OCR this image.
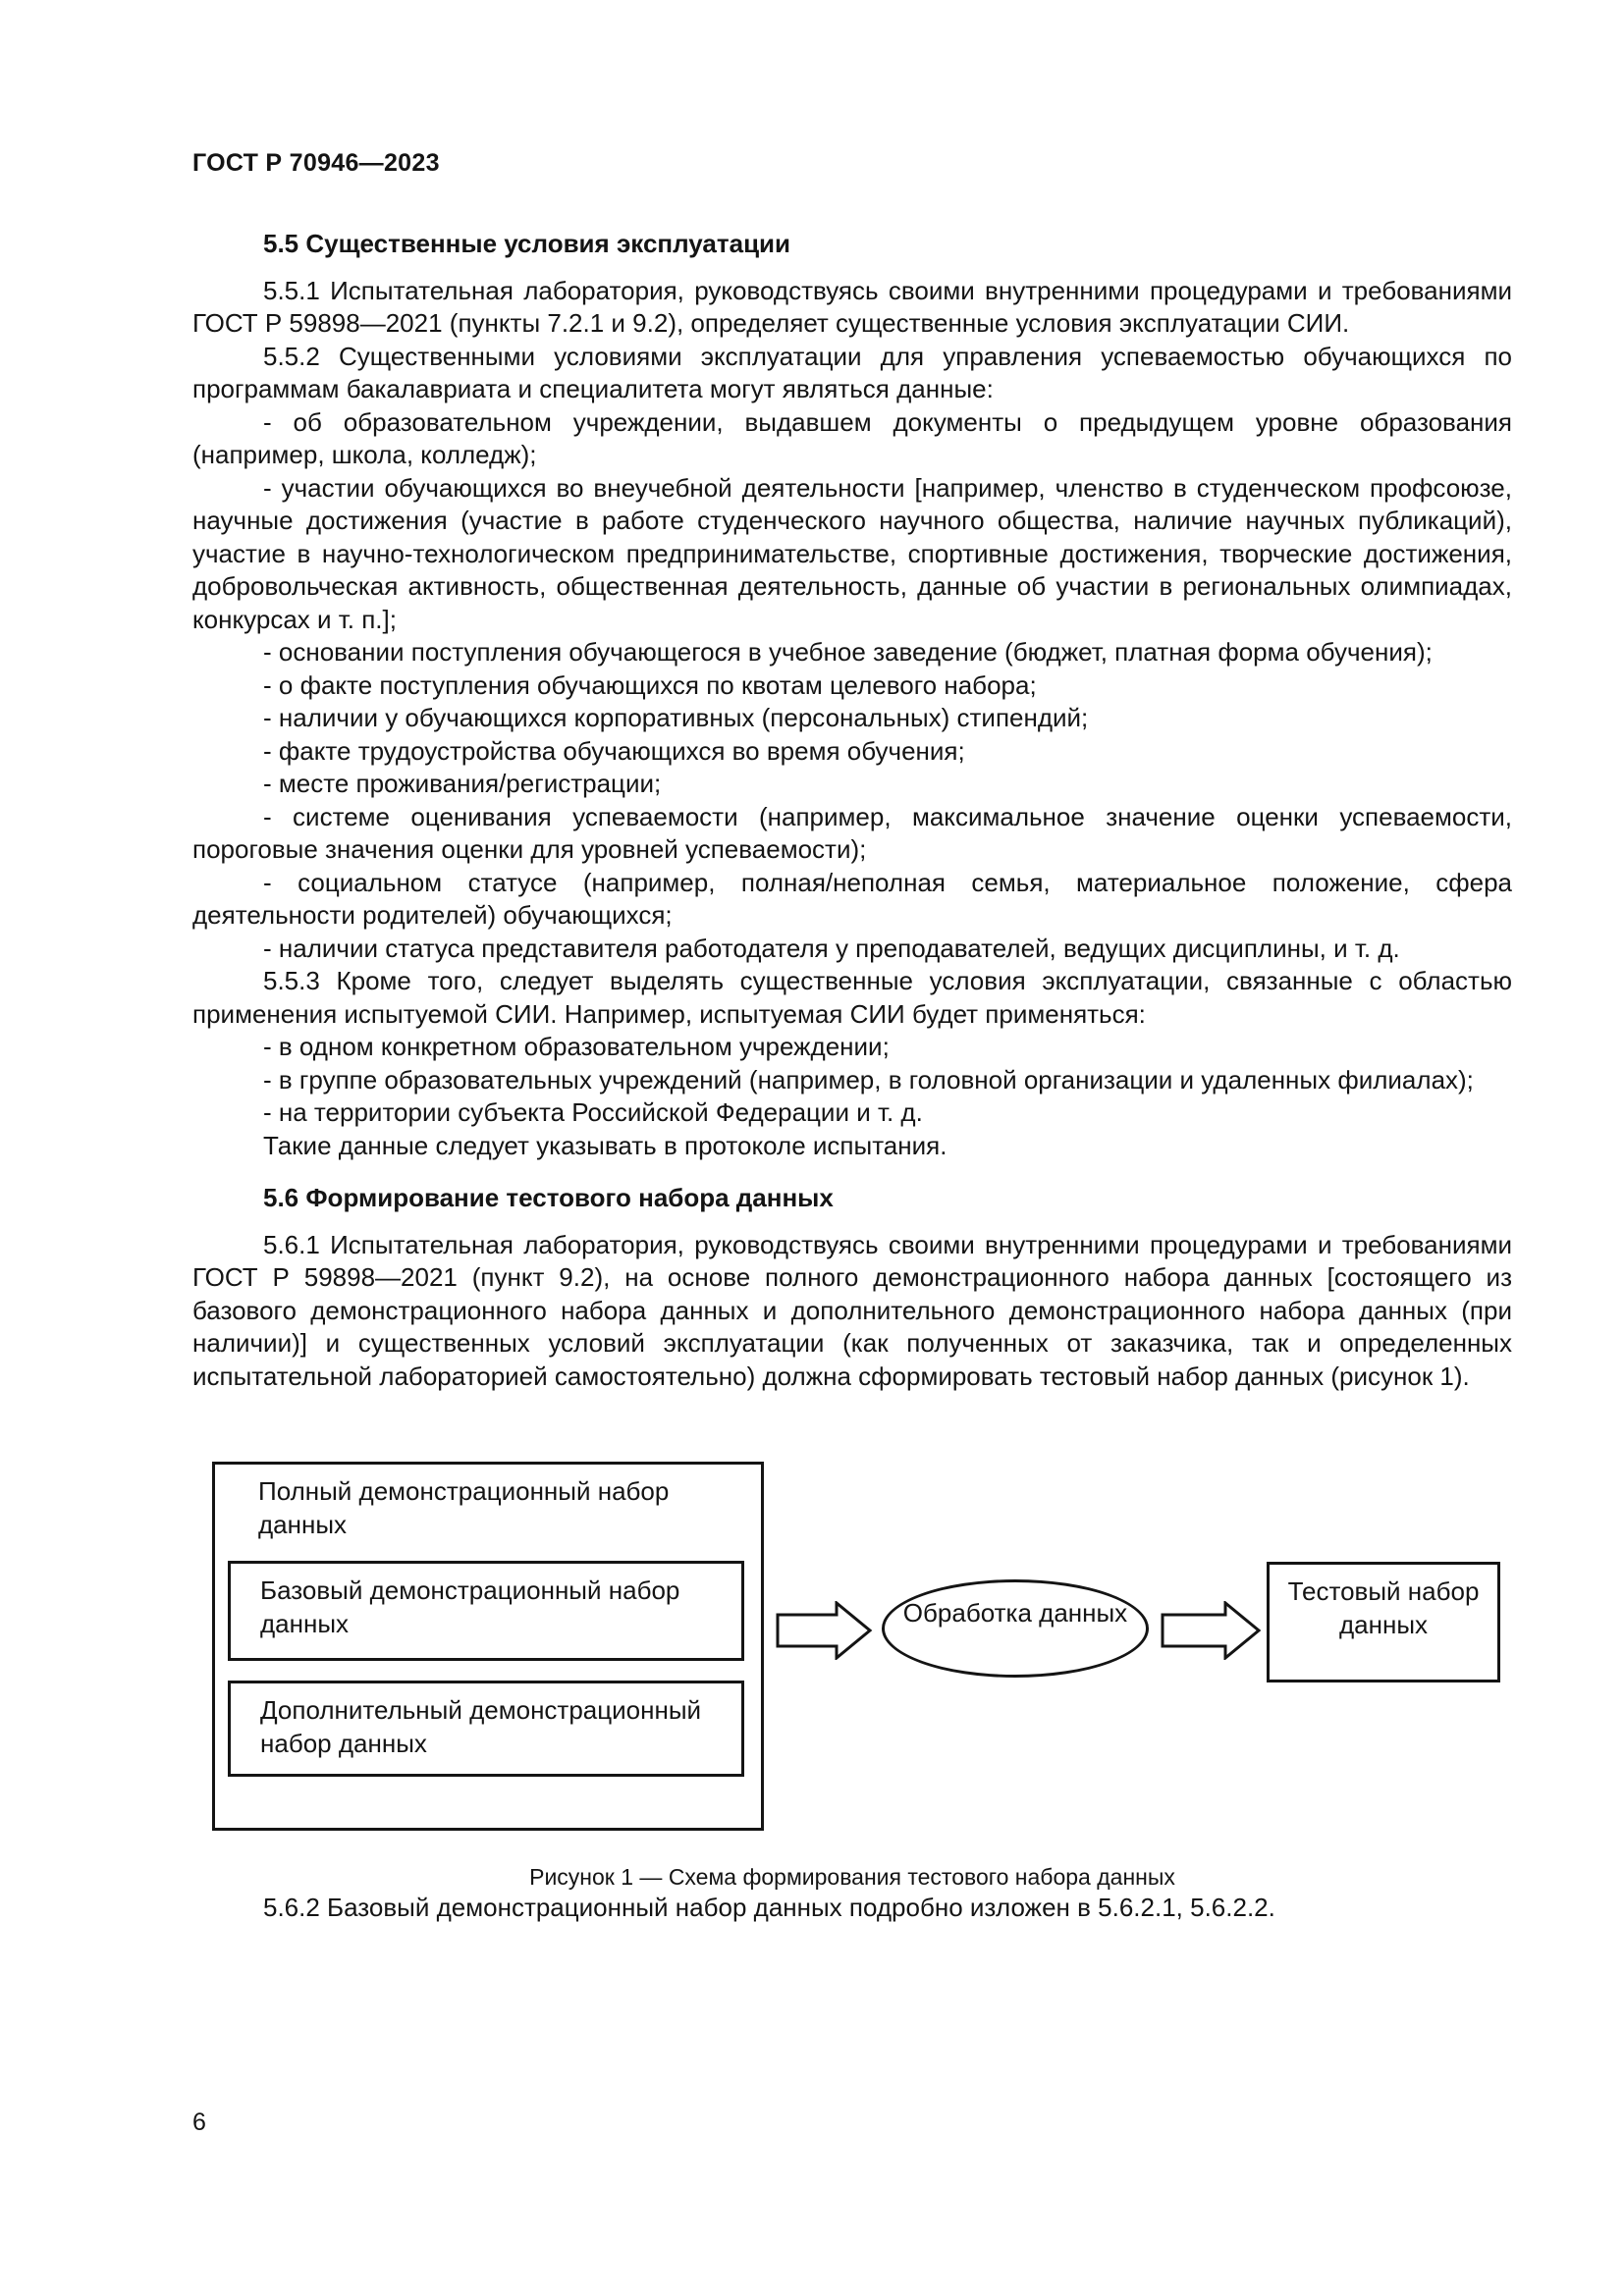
ГОСТ Р 70946—2023
5.5 Существенные условия эксплуатации

5.5.1 Испытательная лаборатория, руководствуясь своими внутренними процедурами и требованиями ГОСТ Р 59898—2021 (пункты 7.2.1 и 9.2), определяет существенные условия эксплуатации СИИ.

5.5.2 Существенными условиями эксплуатации для управления успеваемостью обучающихся по программам бакалавриата и специалитета могут являться данные:

- об образовательном учреждении, выдавшем документы о предыдущем уровне образования (например, школа, колледж);

- участии обучающихся во внеучебной деятельности [например, членство в студенческом профсоюзе, научные достижения (участие в работе студенческого научного общества, наличие научных публикаций), участие в научно-технологическом предпринимательстве, спортивные достижения, творческие достижения, добровольческая активность, общественная деятельность, данные об участии в региональных олимпиадах, конкурсах и т. п.];

- основании поступления обучающегося в учебное заведение (бюджет, платная форма обучения);

- о факте поступления обучающихся по квотам целевого набора;

- наличии у обучающихся корпоративных (персональных) стипендий;

- факте трудоустройства обучающихся во время обучения;

- месте проживания/регистрации;

- системе оценивания успеваемости (например, максимальное значение оценки успеваемости, пороговые значения оценки для уровней успеваемости);

- социальном статусе (например, полная/неполная семья, материальное положение, сфера деятельности родителей) обучающихся;

- наличии статуса представителя работодателя у преподавателей, ведущих дисциплины, и т. д.

5.5.3 Кроме того, следует выделять существенные условия эксплуатации, связанные с областью применения испытуемой СИИ. Например, испытуемая СИИ будет применяться:

- в одном конкретном образовательном учреждении;

- в группе образовательных учреждений (например, в головной организации и удаленных филиалах);

- на территории субъекта Российской Федерации и т. д.

Такие данные следует указывать в протоколе испытания.

5.6 Формирование тестового набора данных

5.6.1 Испытательная лаборатория, руководствуясь своими внутренними процедурами и требованиями ГОСТ Р 59898—2021 (пункт 9.2), на основе полного демонстрационного набора данных [состоящего из базового демонстрационного набора данных и дополнительного демонстрационного набора данных (при наличии)] и существенных условий эксплуатации (как полученных от заказчика, так и определенных испытательной лабораторией самостоятельно) должна сформировать тестовый набор данных (рисунок 1).

Полный демонстрационный набор данных
Базовый демонстрационный набор данных
Дополнительный демонстрационный набор данных
Обработка данных
Тестовый набор данных
Рисунок 1 — Схема формирования тестового набора данных

5.6.2 Базовый демонстрационный набор данных подробно изложен в 5.6.2.1, 5.6.2.2.

6
